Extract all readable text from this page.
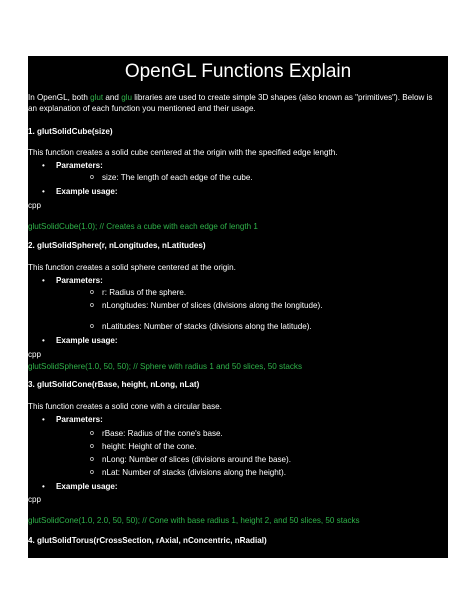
OpenGL Functions Explain

In OpenGL, both glut and glu libraries are used to create simple 3D shapes (also known as "primitives"). Below is an explanation of each function you mentioned and their usage.

1. glutSolidCube(size)
This function creates a solid cube centered at the origin with the specified edge length.
• Parameters:
o size: The length of each edge of the cube.
• Example usage:
cpp
glutSolidCube(1.0); // Creates a cube with each edge of length 1
2. glutSolidSphere(r, nLongitudes, nLatitudes)
This function creates a solid sphere centered at the origin.
• Parameters:
o r: Radius of the sphere.
o nLongitudes: Number of slices (divisions along the longitude).
o nLatitudes: Number of stacks (divisions along the latitude).
• Example usage:
cpp
glutSolidSphere(1.0, 50, 50); // Sphere with radius 1 and 50 slices, 50 stacks
3. glutSolidCone(rBase, height, nLong, nLat)
This function creates a solid cone with a circular base.
• Parameters:
o rBase: Radius of the cone's base.
o height: Height of the cone.
o nLong: Number of slices (divisions around the base).
o nLat: Number of stacks (divisions along the height).
• Example usage:
cpp
glutSolidCone(1.0, 2.0, 50, 50); // Cone with base radius 1, height 2, and 50 slices, 50 stacks
4. glutSolidTorus(rCrossSection, rAxial, nConcentric, nRadial)
